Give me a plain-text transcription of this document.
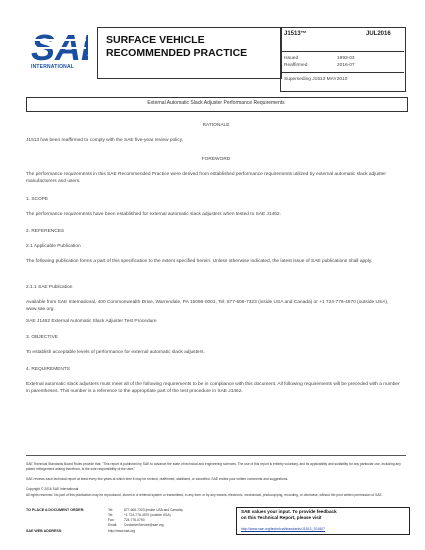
SA
INTERNATIONAL
SURFACE VEHICLE
RECOMMENDED PRACTICE
J1513™	JUL2016
Issued	1993-03
Reaffirmed	2016-07
Superseding J1513 MAY2010
External Automatic Slack Adjuster Performance Requirements
RATIONALE
J1513 has been reaffirmed to comply with the SAE five-year review policy.
FOREWORD
The performance requirements in this SAE Recommended Practice were derived from established performance requirements utilized by external automatic slack adjuster manufacturers and users.
1. SCOPE
The performance requirements have been established for external automatic slack adjusters when tested to SAE J1462.
2. REFERENCES
2.1 Applicable Publication
The following publication forms a part of this specification to the extent specified herein. Unless otherwise indicated, the latest issue of SAE publications shall apply.
2.1.1 SAE Publication
Available from SAE International, 400 Commonwealth Drive, Warrendale, PA 15096-0001, Tel: 877-606-7323 (inside USA and Canada) or +1 724-776-4970 (outside USA), www.sae.org.
SAE J1462 External Automatic Slack Adjuster Test Procedure
3. OBJECTIVE
To establish acceptable levels of performance for external automatic slack adjusters.
4. REQUIREMENTS
External automatic slack adjusters must meet all of the following requirements to be in compliance with this document. All following requirements will be preceded with a number in parentheses. This number is a reference to the appropriate part of the test procedure in SAE J1462.
SAE Technical Standards Board Rules provide that: "This report is published by SAE to advance the state of technical and engineering sciences. The use of this report is entirely voluntary, and its applicability and suitability for any particular use, including any patent infringement arising therefrom, is the sole responsibility of the user."
SAE reviews each technical report at least every five years at which time it may be revised, reaffirmed, stabilized, or cancelled. SAE invites your written comments and suggestions.
Copyright © 2016 SAE International
All rights reserved. No part of this publication may be reproduced, stored in a retrieval system or transmitted, in any form or by any means, electronic, mechanical, photocopying, recording, or otherwise, without the prior written permission of SAE.
TO PLACE A DOCUMENT ORDER:	Tel:	877-606-7323 (inside USA and Canada)
Tel:	+1 724-776-4970 (outside USA)
Fax:	724-776-0790
Email: CustomerService@sae.org
SAE WEB ADDRESS:	http://www.sae.org
SAE values your input. To provide feedback
on this Technical Report, please visit
http://www.sae.org/technical/standards/J1513_201607
